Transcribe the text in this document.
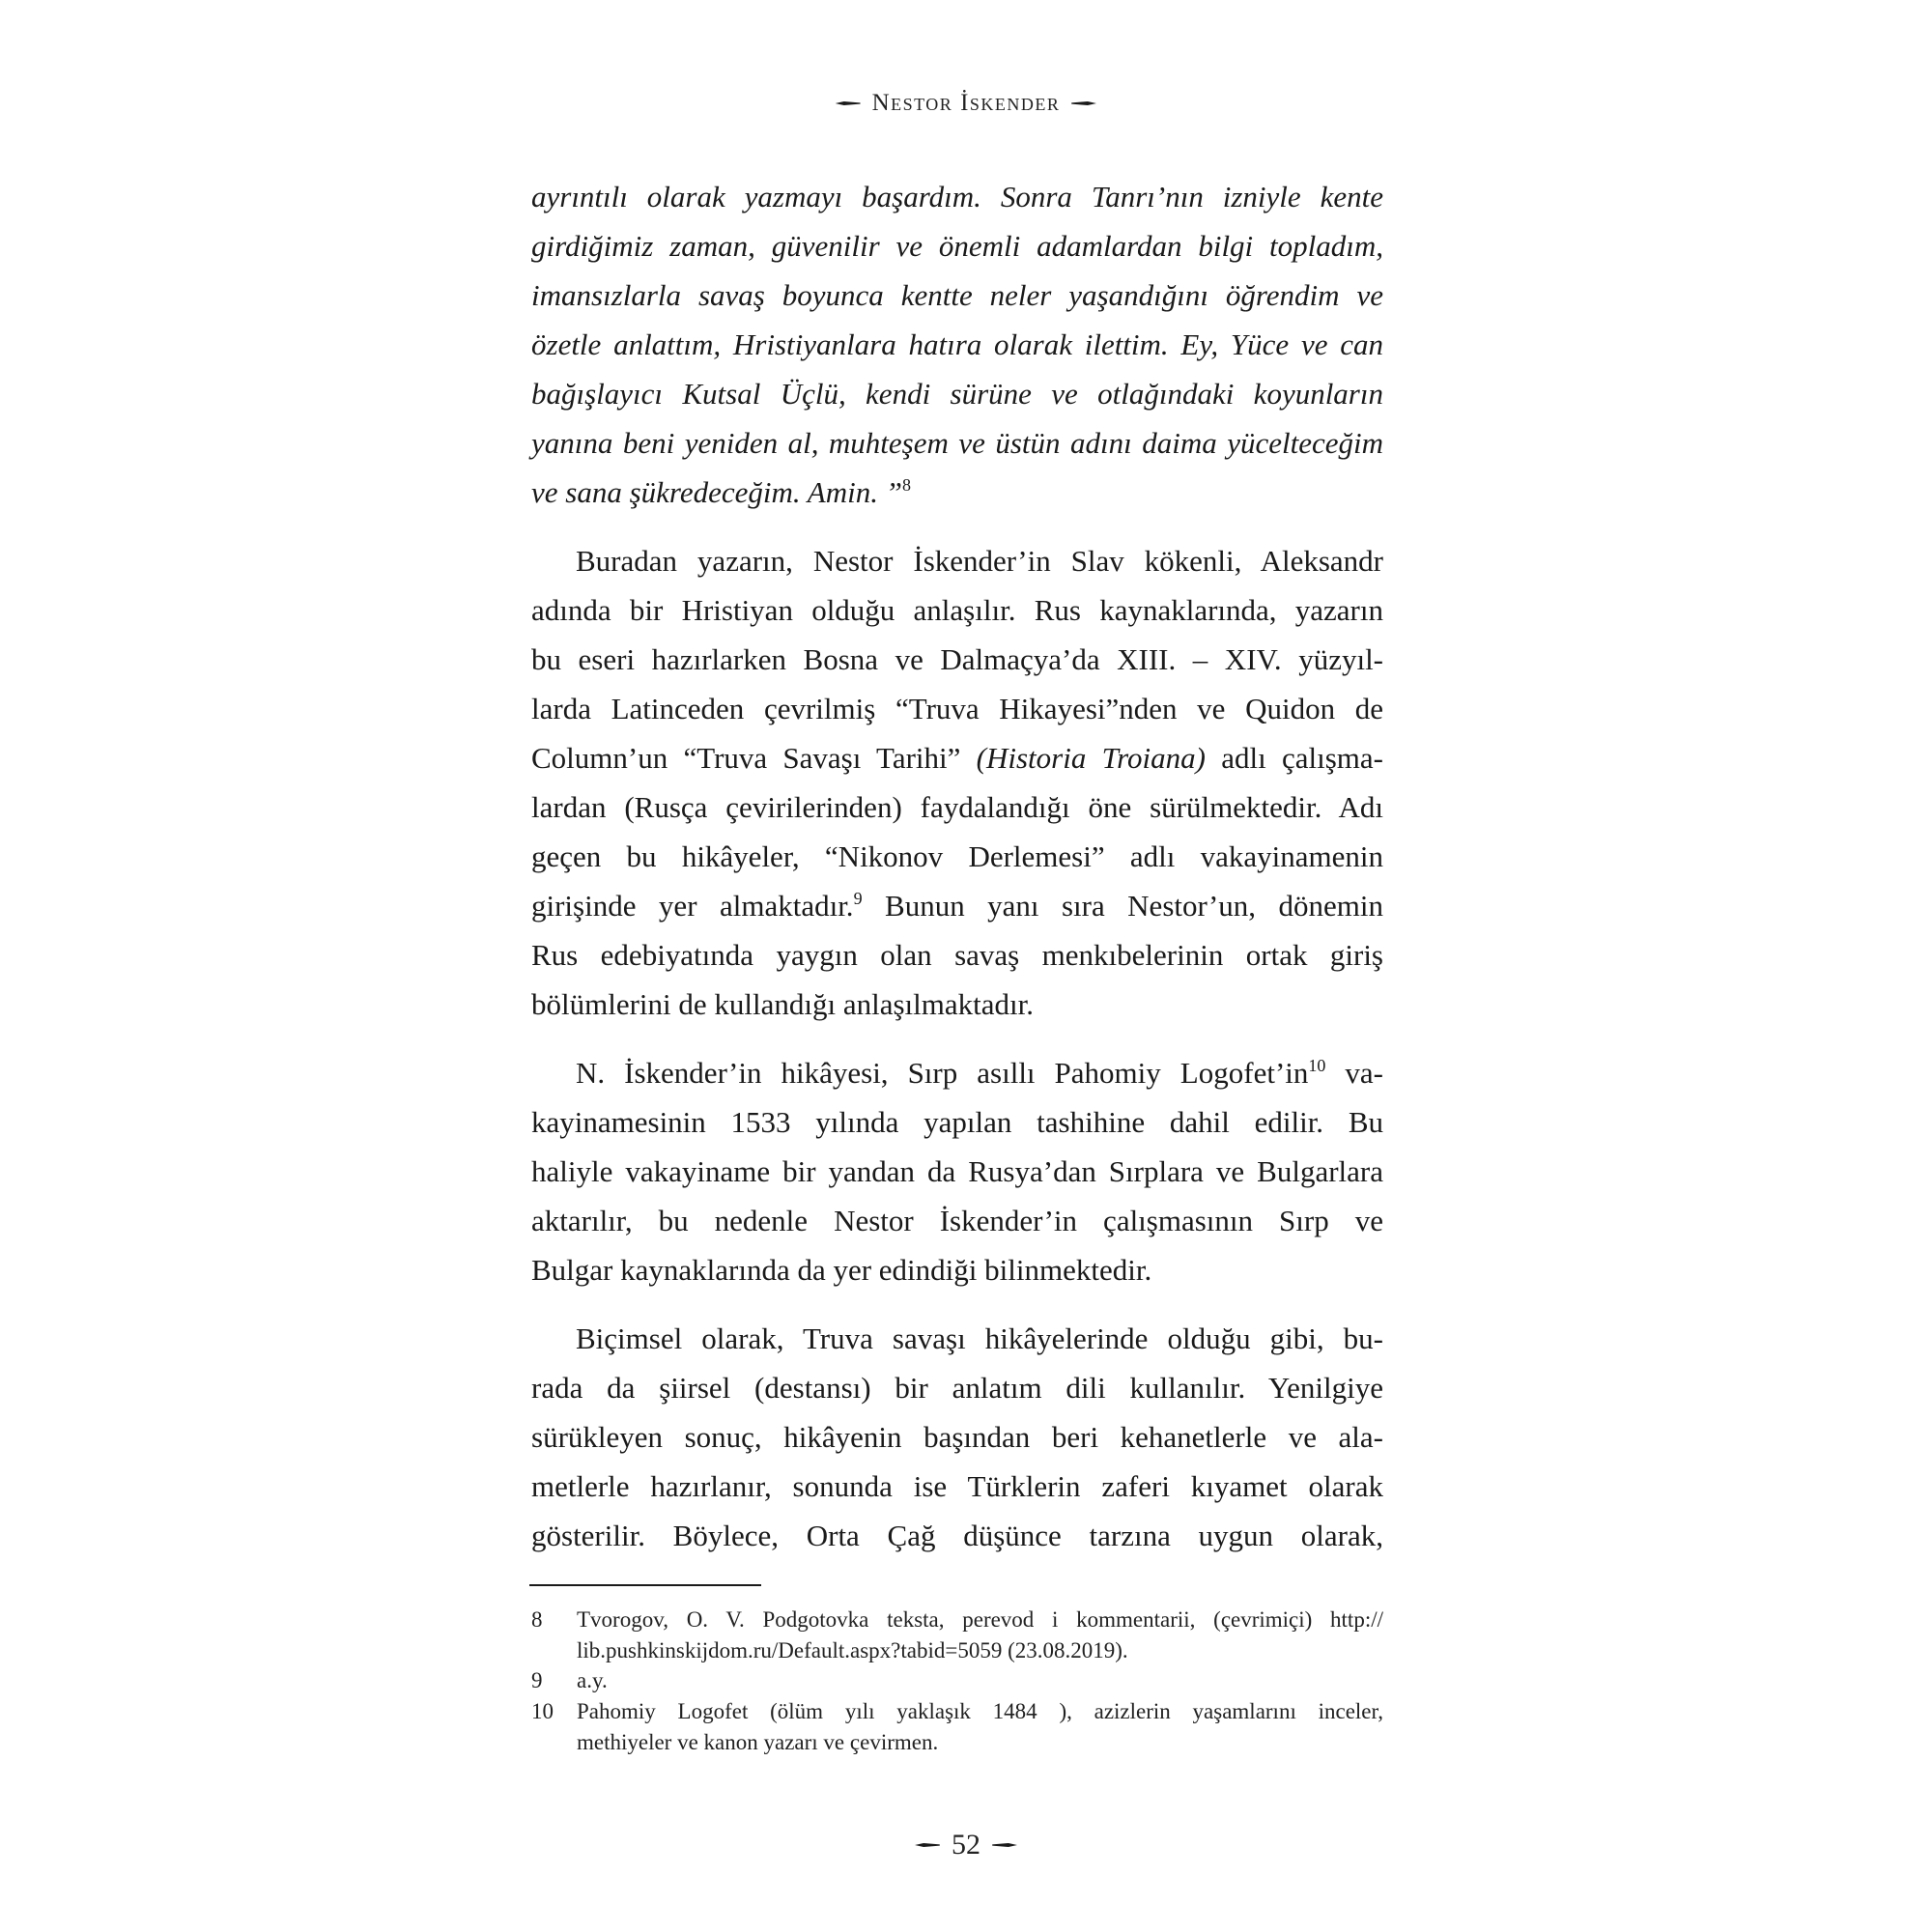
Nestor İskender
ayrıntılı olarak yazmayı başardım. Sonra Tanrı’nın izniyle kente
girdiğimiz zaman, güvenilir ve önemli adamlardan bilgi topladım,
imansızlarla savaş boyunca kentte neler yaşandığını öğrendim ve
özetle anlattım, Hristiyanlara hatıra olarak ilettim. Ey, Yüce ve can
bağışlayıcı Kutsal Üçlü, kendi sürüne ve otlağındaki koyunların
yanına beni yeniden al, muhteşem ve üstün adını daima yücelteceğim
ve sana şükredeceğim. Amin. ”$^8$
Buradan yazarın, Nestor İskender’in Slav kökenli, Aleksandr
adında bir Hristiyan olduğu anlaşılır. Rus kaynaklarında, yazarın
bu eseri hazırlarken Bosna ve Dalmaçya’da XIII. – XIV. yüzyıl-
larda Latinceden çevrilmiş “Truva Hikayesi”nden ve Quidon de
Column’un “Truva Savaşı Tarihi” (Historia Troiana) adlı çalışma-
lardan (Rusça çevirilerinden) faydalandığı öne sürülmektedir. Adı
geçen bu hikâyeler, “Nikonov Derlemesi” adlı vakayinamenin
girişinde yer almaktadır.$^9$ Bunun yanı sıra Nestor’un, dönemin
Rus edebiyatında yaygın olan savaş menkıbelerinin ortak giriş
bölümlerini de kullandığı anlaşılmaktadır.
N. İskender’in hikâyesi, Sırp asıllı Pahomiy Logofet’in$^{10}$ va-
kayinamesinin 1533 yılında yapılan tashihine dahil edilir. Bu
haliyle vakayiname bir yandan da Rusya’dan Sırplara ve Bulgarlara
aktarılır, bu nedenle Nestor İskender’in çalışmasının Sırp ve
Bulgar kaynaklarında da yer edindiği bilinmektedir.
Biçimsel olarak, Truva savaşı hikâyelerinde olduğu gibi, bu-
rada da şiirsel (destansı) bir anlatım dili kullanılır. Yenilgiye
sürükleyen sonuç, hikâyenin başından beri kehanetlerle ve ala-
metlerle hazırlanır, sonunda ise Türklerin zaferi kıyamet olarak
gösterilir. Böylece, Orta Çağ düşünce tarzına uygun olarak,
8 Tvorogov, O. V. Podgotovka teksta, perevod i kommentarii, (çevrimiçi) http://
lib.pushkinskijdom.ru/Default.aspx?tabid=5059 (23.08.2019).
9 a.y.
10 Pahomiy Logofet (ölüm yılı yaklaşık 1484 ), azizlerin yaşamlarını inceler,
methiyeler ve kanon yazarı ve çevirmen.
52
